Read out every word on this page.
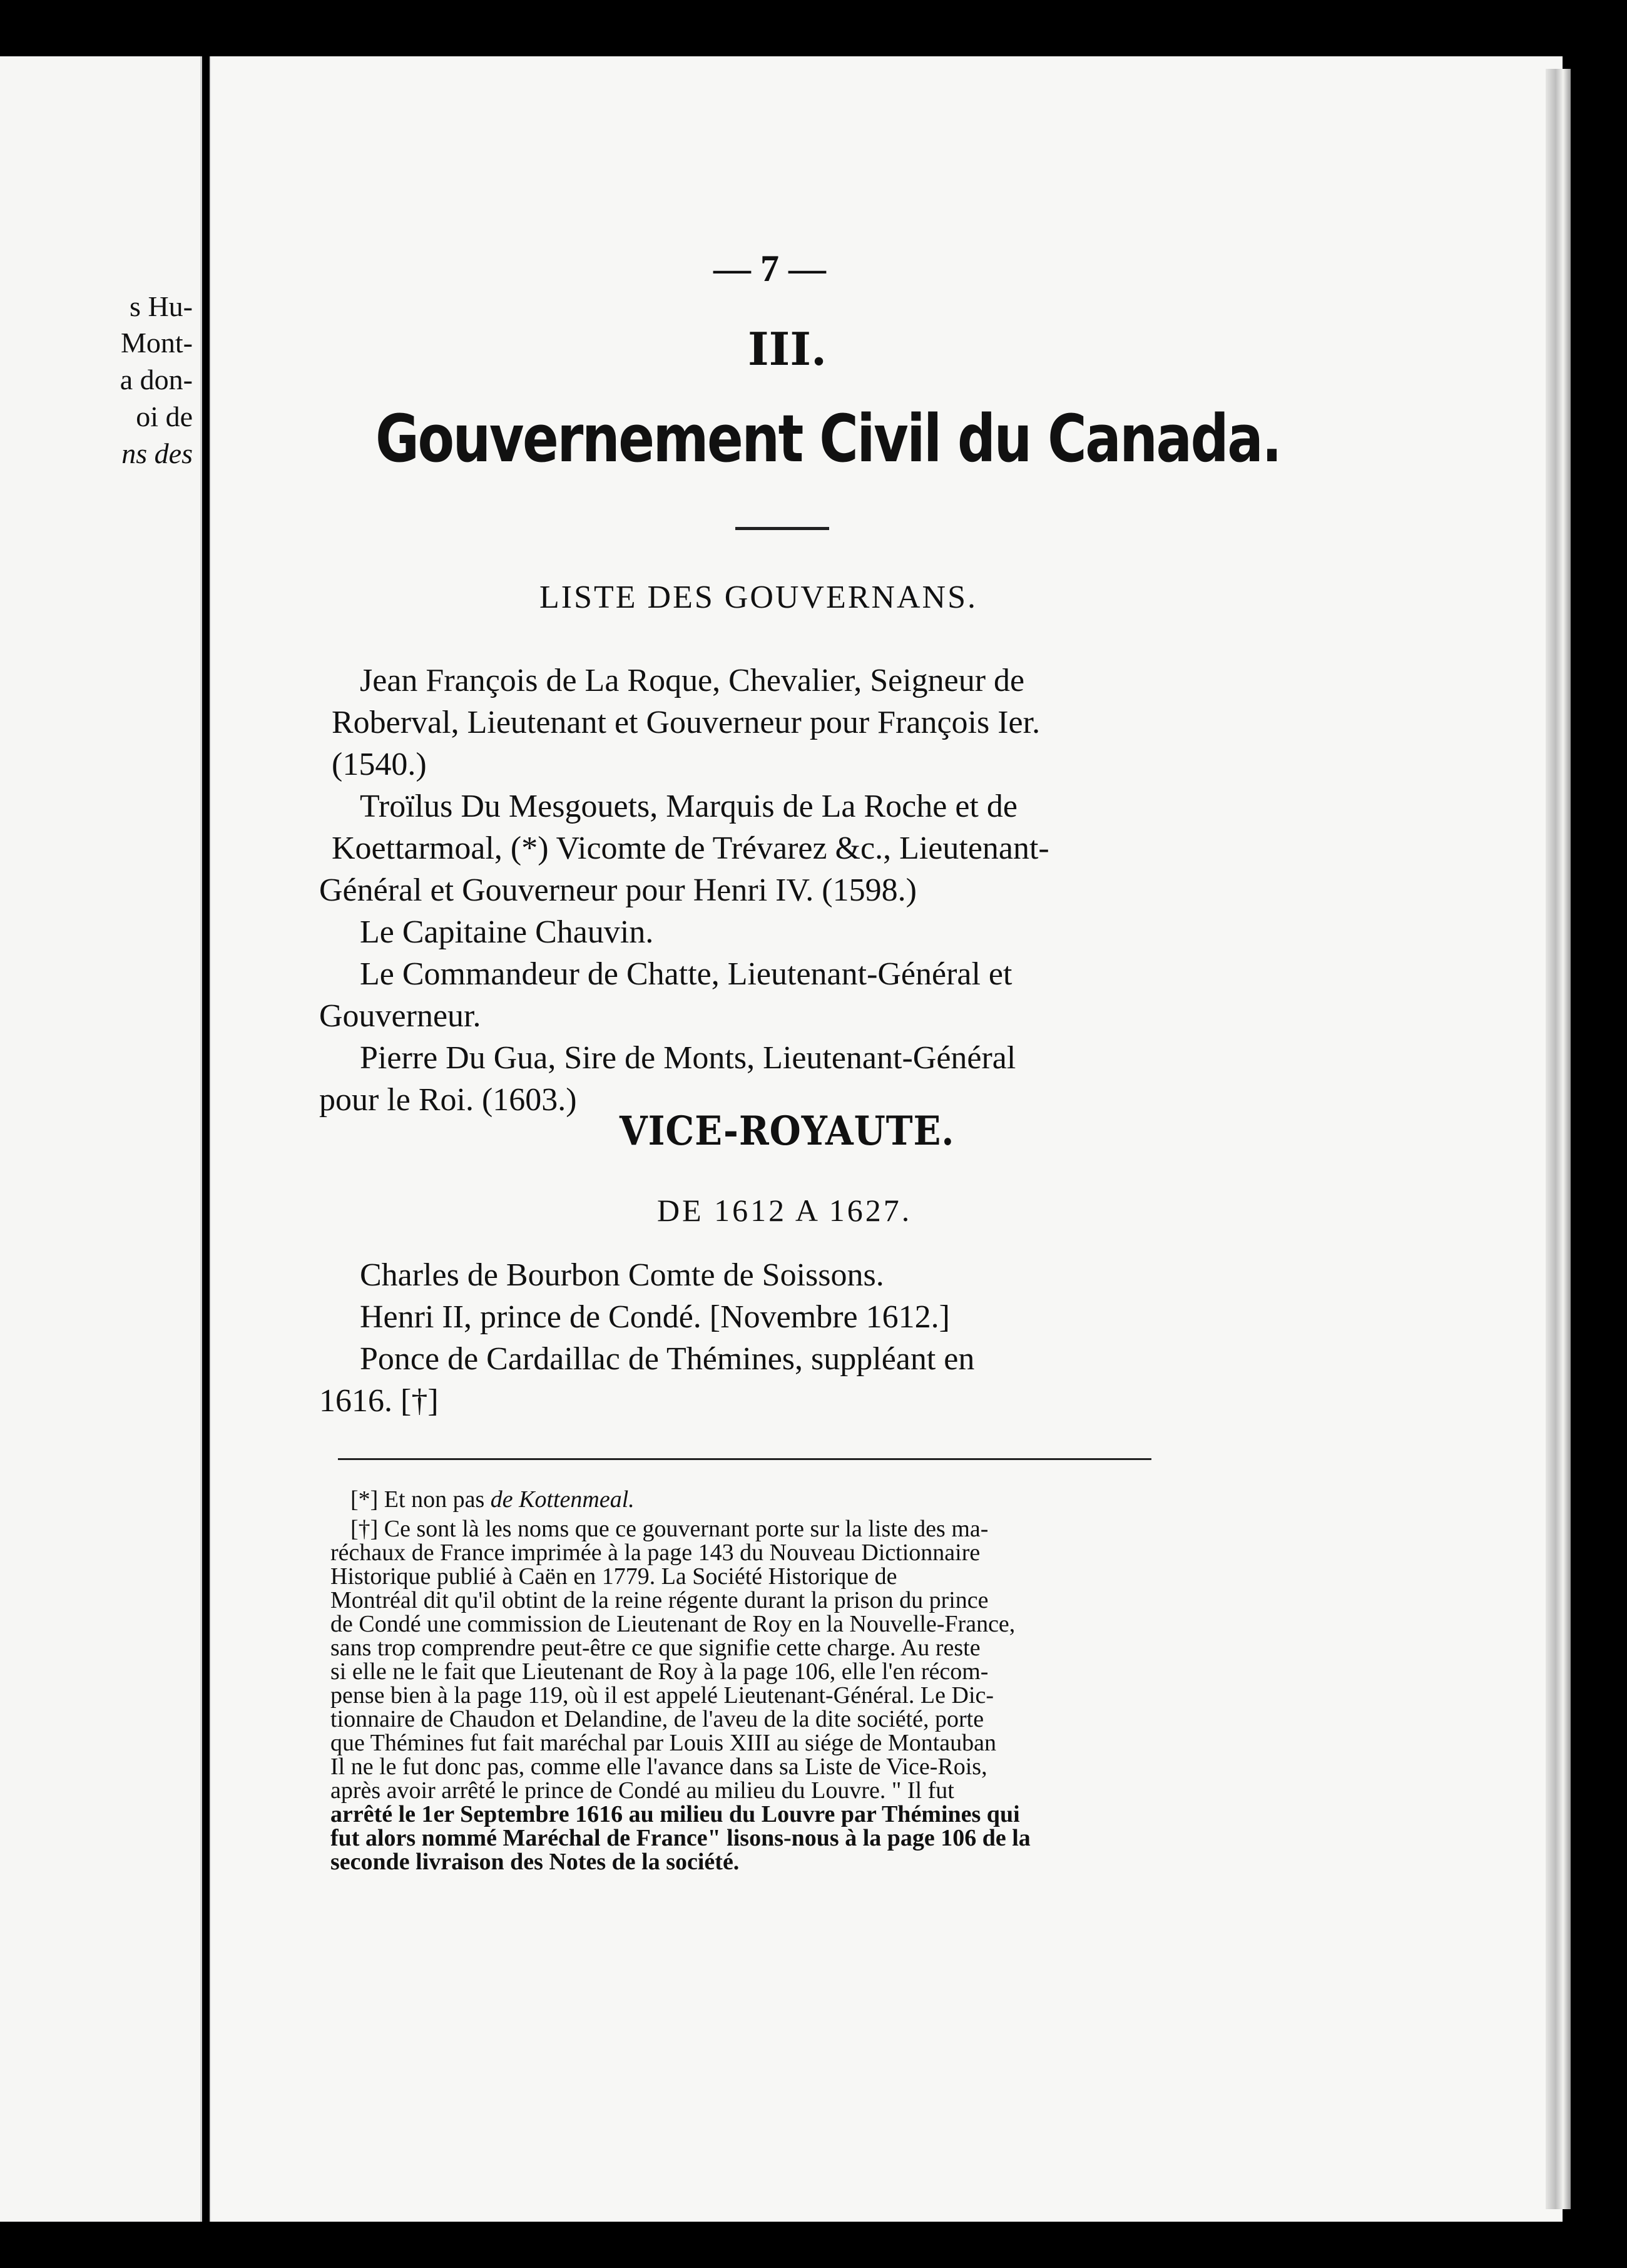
s Hu-
Mont-
a don-
oi de
ns des
— 7 —
III.
Gouvernement Civil du Canada.
LISTE DES GOUVERNANS.
Jean François de La Roque, Chevalier, Seigneur de
Roberval, Lieutenant et Gouverneur pour François Ier.
(1540.)
Troïlus Du Mesgouets, Marquis de La Roche et de
Koettarmoal, (*) Vicomte de Trévarez &c., Lieutenant-
Général et Gouverneur pour Henri IV. (1598.)
Le Capitaine Chauvin.
Le Commandeur de Chatte, Lieutenant-Général et
Gouverneur.
Pierre Du Gua, Sire de Monts, Lieutenant-Général
pour le Roi. (1603.)
VICE-ROYAUTE.
DE 1612 A 1627.
Charles de Bourbon Comte de Soissons.
Henri II, prince de Condé. [Novembre 1612.]
Ponce de Cardaillac de Thémines, suppléant en
1616. [†]
[*] Et non pas de Kottenmeal.
[†] Ce sont là les noms que ce gouvernant porte sur la liste des ma-
réchaux de France imprimée à la page 143 du Nouveau Dictionnaire
Historique publié à Caën en 1779. La Société Historique de
Montréal dit qu'il obtint de la reine régente durant la prison du prince
de Condé une commission de Lieutenant de Roy en la Nouvelle-France,
sans trop comprendre peut-être ce que signifie cette charge. Au reste
si elle ne le fait que Lieutenant de Roy à la page 106, elle l'en récom-
pense bien à la page 119, où il est appelé Lieutenant-Général. Le Dic-
tionnaire de Chaudon et Delandine, de l'aveu de la dite société, porte
que Thémines fut fait maréchal par Louis XIII au siége de Montauban
Il ne le fut donc pas, comme elle l'avance dans sa Liste de Vice-Rois,
après avoir arrêté le prince de Condé au milieu du Louvre. " Il fut
arrêté le 1er Septembre 1616 au milieu du Louvre par Thémines qui
fut alors nommé Maréchal de France" lisons-nous à la page 106 de la
seconde livraison des Notes de la société.
